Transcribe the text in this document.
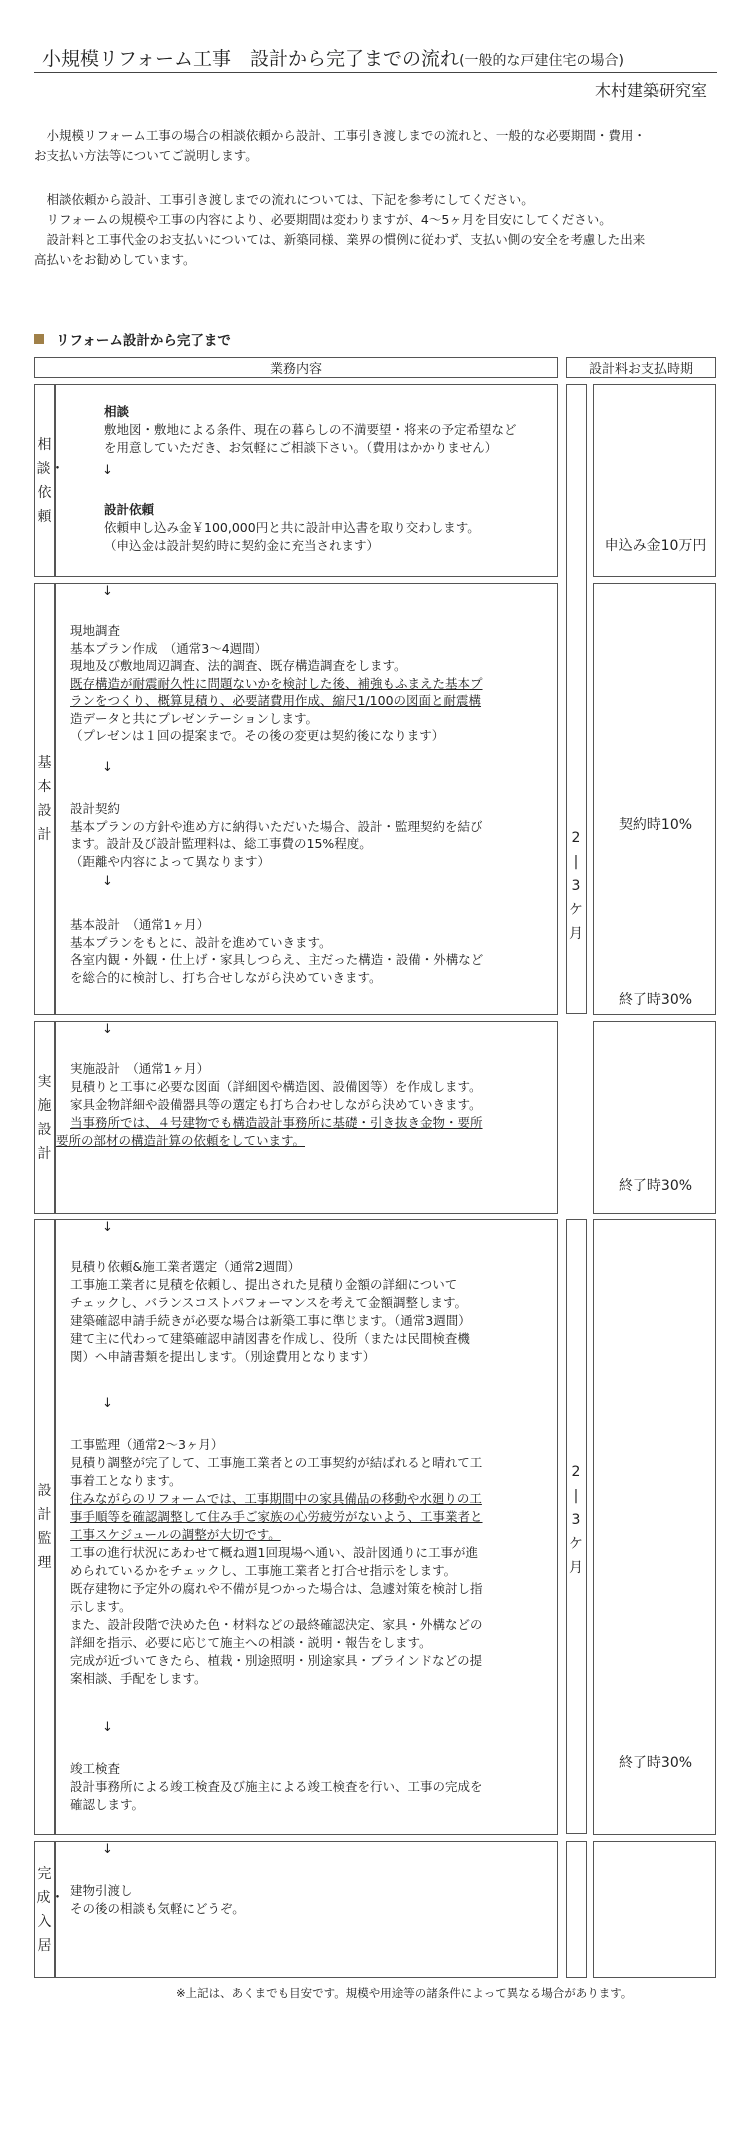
小規模リフォーム工事　設計から完了までの流れ(一般的な戸建住宅の場合)
木村建築研究室

　小規模リフォーム工事の場合の相談依頼から設計、工事引き渡しまでの流れと、一般的な必要期間・費用・

お支払い方法等についてご説明します。

　相談依頼から設計、工事引き渡しまでの流れについては、下記を参考にしてください。

　リフォームの規模や工事の内容により、必要期間は変わりますが、4〜5ヶ月を目安にしてください。

　設計料と工事代金のお支払いについては、新築同様、業界の慣例に従わず、支払い側の安全を考慮した出来

高払いをお勧めしています。

リフォーム設計から完了まで
業務内容	設計料お支払時期
2
|
3
ケ
月
2
|
3
ケ
月
相談・依頼
相談
敷地図・敷地による条件、現在の暮らしの不満要望・将来の予定希望など
を用意していただき、お気軽にご相談下さい。（費用はかかりません）
↓
設計依頼
依頼申し込み金￥100,000円と共に設計申込書を取り交わします。
（申込金は設計契約時に契約金に充当されます）	申込み金10万円
基本設計
↓
現地調査
基本プラン作成　（通常3〜4週間）
現地及び敷地周辺調査、法的調査、既存構造調査をします。
既存構造が耐震耐久性に問題ないかを検討した後、補強もふまえた基本プ
ランをつくり、概算見積り、必要諸費用作成、縮尺1/100の図面と耐震構
造データと共にプレゼンテーションします。
（プレゼンは１回の提案まで。その後の変更は契約後になります）
↓
設計契約
基本プランの方針や進め方に納得いただいた場合、設計・監理契約を結び
ます。設計及び設計監理料は、総工事費の15%程度。
（距離や内容によって異なります）
↓
基本設計　 （通常1ヶ月）
基本プランをもとに、設計を進めていきます。
各室内観・外観・仕上げ・家具しつらえ、主だった構造・設備・外構など
を総合的に検討し、打ち合せしながら決めていきます。
契約時10%
終了時30%
実施設計
↓
実施設計　 （通常1ヶ月）
見積りと工事に必要な図面（詳細図や構造図、設備図等）を作成します。
家具金物詳細や設備器具等の選定も打ち合わせしながら決めていきます。
当事務所では、４号建物でも構造設計事務所に基礎・引き抜き金物・要所
要所の部材の構造計算の依頼をしています。
終了時30%
設計監理
↓
見積り依頼&施工業者選定（通常2週間）
工事施工業者に見積を依頼し、提出された見積り金額の詳細について
チェックし、バランスコストパフォーマンスを考えて金額調整します。
建築確認申請手続きが必要な場合は新築工事に準じます。（通常3週間）
建て主に代わって建築確認申請図書を作成し、役所（または民間検査機
関）へ申請書類を提出します。（別途費用となります）
↓
工事監理（通常2〜3ヶ月）
見積り調整が完了して、工事施工業者との工事契約が結ばれると晴れて工
事着工となります。
住みながらのリフォームでは、工事期間中の家具備品の移動や水廻りの工
事手順等を確認調整して住み手ご家族の心労疲労がないよう、工事業者と
工事スケジュールの調整が大切です。
工事の進行状況にあわせて概ね週1回現場へ通い、設計図通りに工事が進
められているかをチェックし、工事施工業者と打合せ指示をします。
既存建物に予定外の腐れや不備が見つかった場合は、急遽対策を検討し指
示します。
また、設計段階で決めた色・材料などの最終確認決定、家具・外構などの
詳細を指示、必要に応じて施主への相談・説明・報告をします。
完成が近づいてきたら、植栽・別途照明・別途家具・ブラインドなどの提
案相談、手配をします。
↓
竣工検査
設計事務所による竣工検査及び施主による竣工検査を行い、工事の完成を
確認します。
終了時30%
完成・入居
↓
建物引渡し
その後の相談も気軽にどうぞ。
※上記は、あくまでも目安です。規模や用途等の諸条件によって異なる場合があります。
